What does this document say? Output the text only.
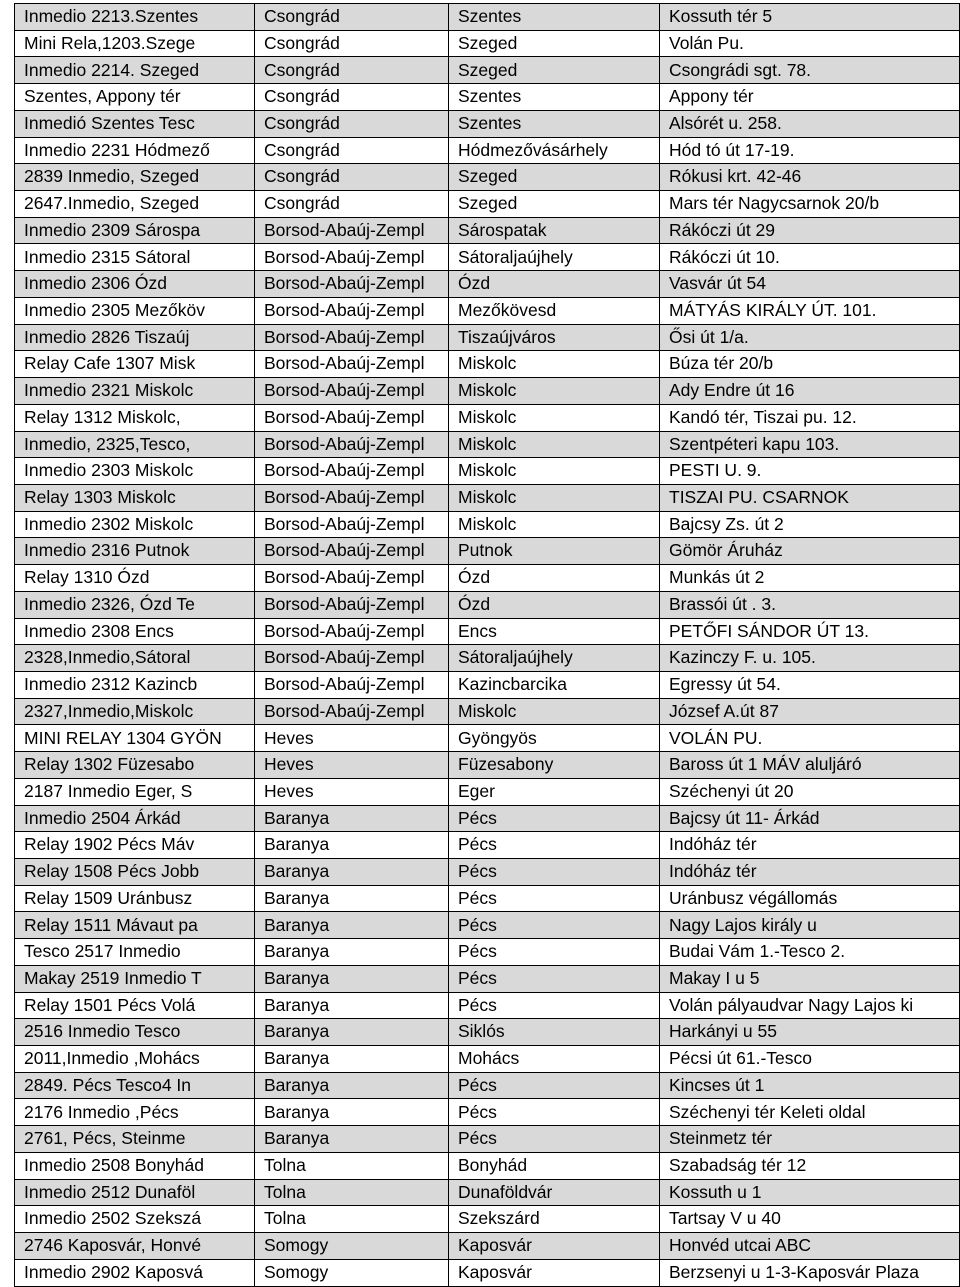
Inmedio 2213.Szentes	Csongrád	Szentes	Kossuth tér 5
Mini Rela,1203.Szege	Csongrád	Szeged	Volán Pu.
Inmedio 2214. Szeged	Csongrád	Szeged	Csongrádi sgt. 78.
Szentes, Appony tér	Csongrád	Szentes	Appony tér
Inmedió Szentes Tesc	Csongrád	Szentes	Alsórét u. 258.
Inmedio 2231 Hódmező	Csongrád	Hódmezővásárhely	Hód tó út 17-19.
2839 Inmedio, Szeged	Csongrád	Szeged	Rókusi krt. 42-46
2647.Inmedio, Szeged	Csongrád	Szeged	Mars tér Nagycsarnok 20/b
Inmedio 2309 Sárospa	Borsod-Abaúj-Zempl	Sárospatak	Rákóczi út 29
Inmedio 2315 Sátoral	Borsod-Abaúj-Zempl	Sátoraljaújhely	Rákóczi út 10.
Inmedio 2306 Ózd	Borsod-Abaúj-Zempl	Ózd	Vasvár út 54
Inmedio 2305 Mezőköv	Borsod-Abaúj-Zempl	Mezőkövesd	MÁTYÁS KIRÁLY ÚT. 101.
Inmedio 2826 Tiszaúj	Borsod-Abaúj-Zempl	Tiszaújváros	Ősi út 1/a.
Relay Cafe 1307 Misk	Borsod-Abaúj-Zempl	Miskolc	Búza tér 20/b
Inmedio 2321 Miskolc	Borsod-Abaúj-Zempl	Miskolc	Ady Endre út 16
Relay 1312 Miskolc,	Borsod-Abaúj-Zempl	Miskolc	Kandó tér, Tiszai pu. 12.
Inmedio, 2325,Tesco,	Borsod-Abaúj-Zempl	Miskolc	Szentpéteri kapu 103.
Inmedio 2303 Miskolc	Borsod-Abaúj-Zempl	Miskolc	PESTI U. 9.
Relay 1303 Miskolc	Borsod-Abaúj-Zempl	Miskolc	TISZAI PU. CSARNOK
Inmedio 2302 Miskolc	Borsod-Abaúj-Zempl	Miskolc	Bajcsy Zs. út 2
Inmedio 2316 Putnok	Borsod-Abaúj-Zempl	Putnok	Gömör Áruház
Relay 1310 Ózd	Borsod-Abaúj-Zempl	Ózd	Munkás út 2
Inmedio 2326, Ózd Te	Borsod-Abaúj-Zempl	Ózd	Brassói út . 3.
Inmedio 2308 Encs	Borsod-Abaúj-Zempl	Encs	PETŐFI SÁNDOR ÚT 13.
2328,Inmedio,Sátoral	Borsod-Abaúj-Zempl	Sátoraljaújhely	Kazinczy F. u. 105.
Inmedio 2312 Kazincb	Borsod-Abaúj-Zempl	Kazincbarcika	Egressy út 54.
2327,Inmedio,Miskolc	Borsod-Abaúj-Zempl	Miskolc	József A.út 87
MINI RELAY 1304 GYÖN	Heves	Gyöngyös	VOLÁN PU.
Relay 1302 Füzesabo	Heves	Füzesabony	Baross út 1 MÁV aluljáró
2187 Inmedio Eger, S	Heves	Eger	Széchenyi út 20
Inmedio 2504 Árkád	Baranya	Pécs	Bajcsy út 11- Árkád
Relay 1902 Pécs Máv	Baranya	Pécs	Indóház tér
Relay 1508 Pécs Jobb	Baranya	Pécs	Indóház tér
Relay 1509 Uránbusz	Baranya	Pécs	Uránbusz végállomás
Relay 1511 Mávaut pa	Baranya	Pécs	Nagy Lajos király u
Tesco 2517 Inmedio	Baranya	Pécs	Budai Vám 1.-Tesco 2.
Makay 2519 Inmedio T	Baranya	Pécs	Makay I u 5
Relay 1501 Pécs Volá	Baranya	Pécs	Volán pályaudvar Nagy Lajos ki
2516 Inmedio Tesco	Baranya	Siklós	Harkányi u 55
2011,Inmedio ,Mohács	Baranya	Mohács	Pécsi út 61.-Tesco
2849. Pécs Tesco4 In	Baranya	Pécs	Kincses út 1
2176 Inmedio ,Pécs	Baranya	Pécs	Széchenyi tér Keleti oldal
2761, Pécs, Steinme	Baranya	Pécs	Steinmetz tér
Inmedio 2508 Bonyhád	Tolna	Bonyhád	Szabadság tér 12
Inmedio 2512 Dunaföl	Tolna	Dunaföldvár	Kossuth u 1
Inmedio 2502 Szekszá	Tolna	Szekszárd	Tartsay V u 40
2746 Kaposvár, Honvé	Somogy	Kaposvár	Honvéd utcai ABC
Inmedio 2902 Kaposvá	Somogy	Kaposvár	Berzsenyi u 1-3-Kaposvár Plaza
